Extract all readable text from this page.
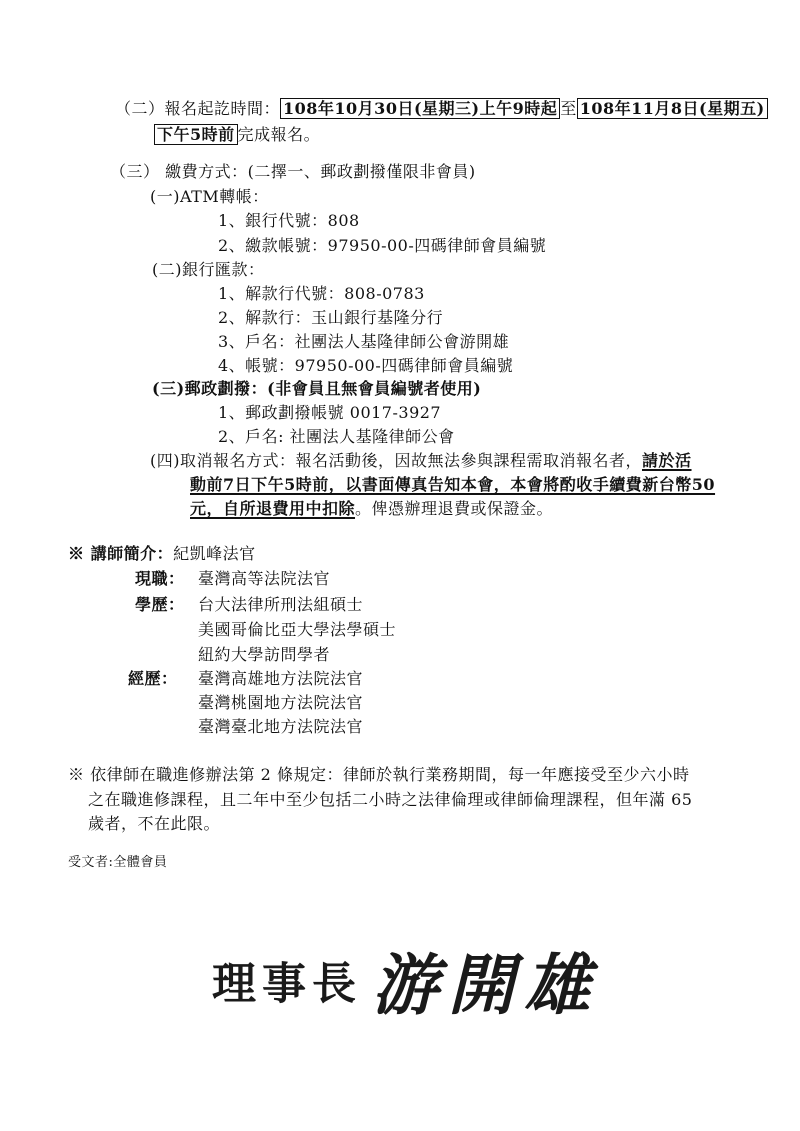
（二）報名起訖時間： 108年10月30日(星期三)上午9時起 至 108年11月8日(星期五)
下午5時前 完成報名。
（三） 繳費方式：(二擇一、郵政劃撥僅限非會員)
(一)ATM轉帳：
1、銀行代號：808
2、繳款帳號：97950-00-四碼律師會員編號
(二)銀行匯款：
1、解款行代號：808-0783
2、解款行：玉山銀行基隆分行
3、戶名：社團法人基隆律師公會游開雄
4、帳號：97950-00-四碼律師會員編號
(三)郵政劃撥：(非會員且無會員編號者使用)
1、郵政劃撥帳號 0017-3927
2、戶名: 社團法人基隆律師公會
(四)取消報名方式：報名活動後，因故無法參與課程需取消報名者，請於活
動前7日下午5時前，以書面傳真告知本會，本會將酌收手續費新台幣50
元，自所退費用中扣除。俾憑辦理退費或保證金。
※ 講師簡介：紀凱峰法官
現職： 臺灣高等法院法官
學歷： 台大法律所刑法組碩士
美國哥倫比亞大學法學碩士
紐約大學訪問學者
經歷： 臺灣高雄地方法院法官
臺灣桃園地方法院法官
臺灣臺北地方法院法官
※ 依律師在職進修辦法第 2 條規定：律師於執行業務期間，每一年應接受至少六小時
之在職進修課程，且二年中至少包括二小時之法律倫理或律師倫理課程，但年滿 65
歲者，不在此限。
受文者:全體會員
理事長 游開雄
